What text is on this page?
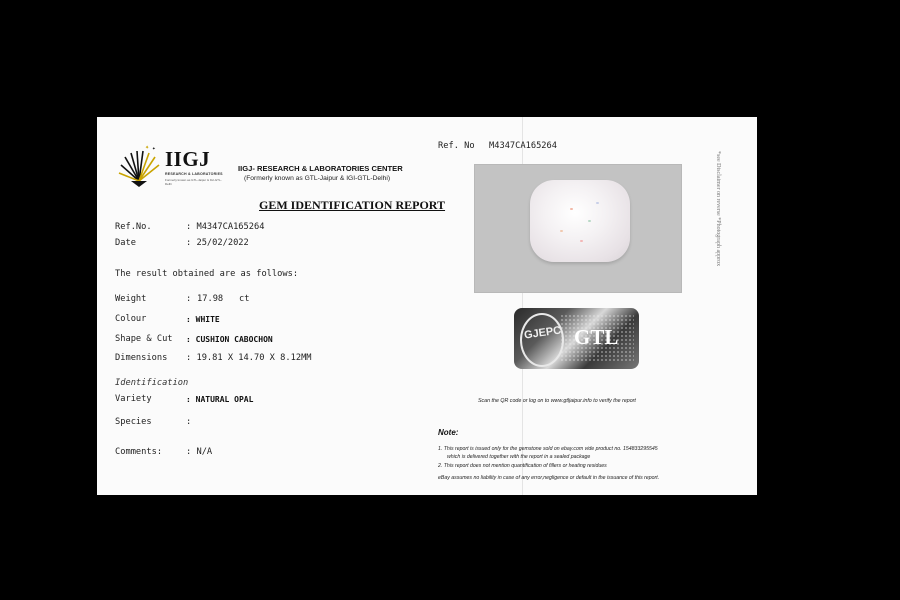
✦ ✦ IIGJ
RESEARCH & LABORATORIES
Formerly known as GTL-Jaipur & IGI-GTL-Delhi
IIGJ- RESEARCH & LABORATORIES CENTER
(Formerly known as GTL-Jaipur & IGI-GTL-Delhi)
GEM IDENTIFICATION REPORT
Ref.No.	: M4347CA165264
Date	: 25/02/2022
The result obtained are as follows:
Weight	: 17.98 ct
Colour	: WHITE
Shape & Cut : CUSHION CABOCHON
Dimensions : 19.81 X 14.70 X 8.12MM
Identification
Variety	: NATURAL OPAL
Species	:
Comments:	: N/A
Ref. No M4347CA165264
GJEPC GTL
Scan the QR code or log on to www.gtljaipur.info to verify the report
Note:
1. This report is issued only for the gemstone sold on ebay.com vide product no. 154833295545
which is delivered together with the report in a sealed package
2. This report does not mention quantification of fillers or heating residues
eBay assumes no liability in case of any error,negligence or default in the issuance of this report.
*see Disclaimer on reverse *Photograph approx
